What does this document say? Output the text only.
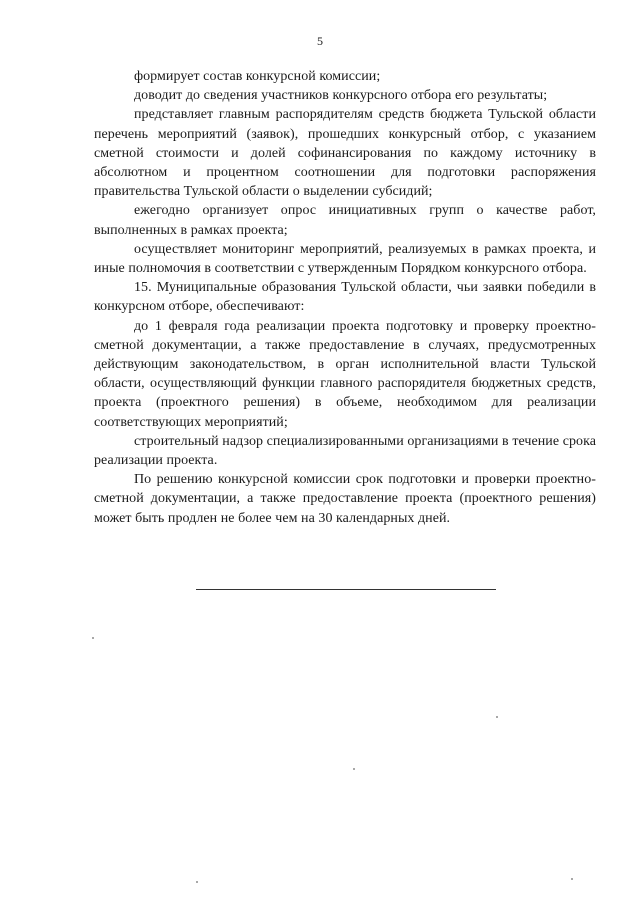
5

формирует состав конкурсной комиссии;

доводит до сведения участников конкурсного отбора его результаты;

представляет главным распорядителям средств бюджета Тульской области перечень мероприятий (заявок), прошедших конкурсный отбор, с указанием сметной стоимости и долей софинансирования по каждому источнику в абсолютном и процентном соотношении для подготовки распоряжения правительства Тульской области о выделении субсидий;

ежегодно организует опрос инициативных групп о качестве работ, выполненных в рамках проекта;

осуществляет мониторинг мероприятий, реализуемых в рамках проекта, и иные полномочия в соответствии с утвержденным Порядком конкурсного отбора.

15. Муниципальные образования Тульской области, чьи заявки победили в конкурсном отборе, обеспечивают:

до 1 февраля года реализации проекта подготовку и проверку проектно-сметной документации, а также предоставление в случаях, предусмотренных действующим законодательством, в орган исполнительной власти Тульской области, осуществляющий функции главного распорядителя бюджетных средств, проекта (проектного решения) в объеме, необходимом для реализации соответствующих мероприятий;

строительный надзор специализированными организациями в течение срока реализации проекта.

По решению конкурсной комиссии срок подготовки и проверки проектно-сметной документации, а также предоставление проекта (проектного решения) может быть продлен не более чем на 30 календарных дней.
